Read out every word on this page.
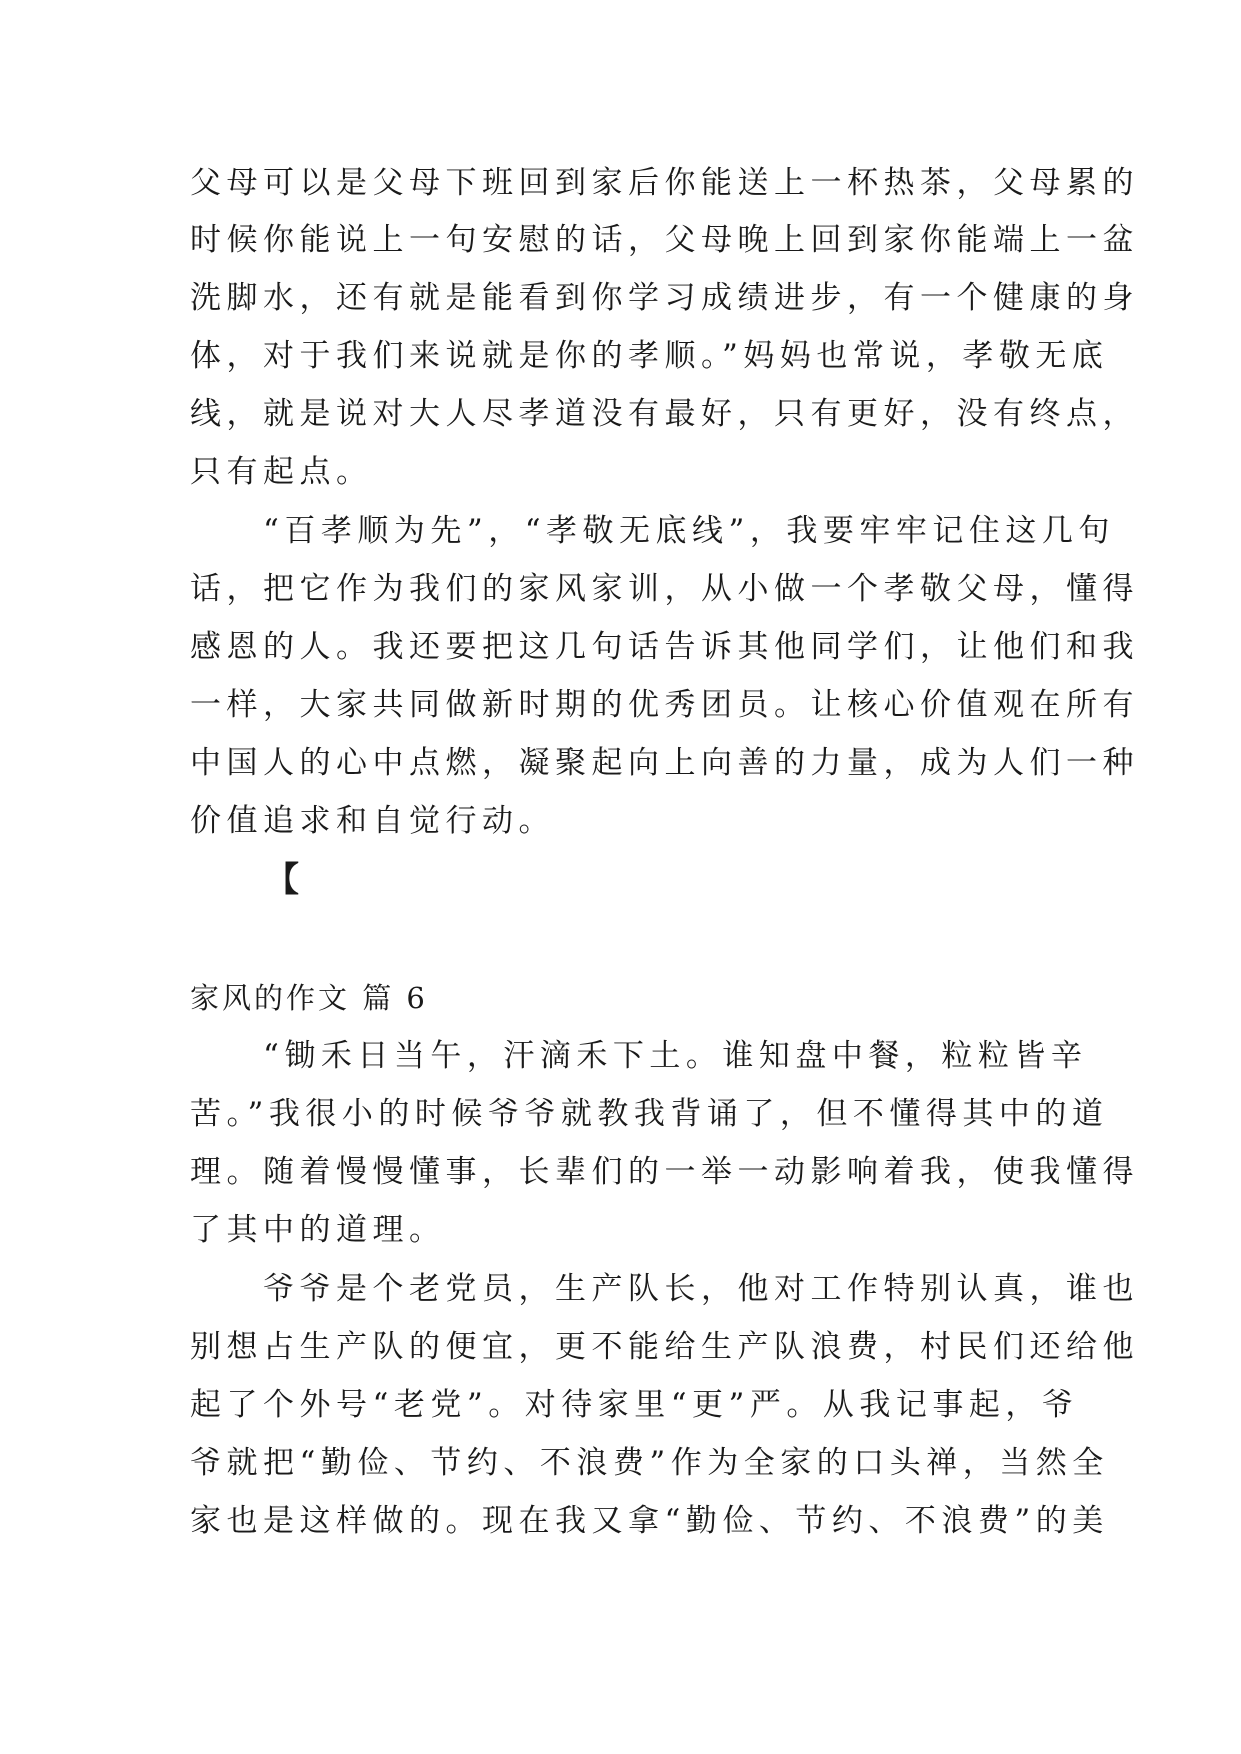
父母可以是父母下班回到家后你能送上一杯热茶，父母累的
时候你能说上一句安慰的话，父母晚上回到家你能端上一盆
洗脚水，还有就是能看到你学习成绩进步，有一个健康的身
体，对于我们来说就是你的孝顺。”妈妈也常说，孝敬无底
线，就是说对大人尽孝道没有最好，只有更好，没有终点，
只有起点。
“百孝顺为先”，“孝敬无底线”，我要牢牢记住这几句
话，把它作为我们的家风家训，从小做一个孝敬父母，懂得
感恩的人。我还要把这几句话告诉其他同学们，让他们和我
一样，大家共同做新时期的优秀团员。让核心价值观在所有
中国人的心中点燃，凝聚起向上向善的力量，成为人们一种
价值追求和自觉行动。
【
家风的作文 篇 6
“锄禾日当午，汗滴禾下土。谁知盘中餐，粒粒皆辛
苦。”我很小的时候爷爷就教我背诵了，但不懂得其中的道
理。随着慢慢懂事，长辈们的一举一动影响着我，使我懂得
了其中的道理。
爷爷是个老党员，生产队长，他对工作特别认真，谁也
别想占生产队的便宜，更不能给生产队浪费，村民们还给他
起了个外号“老党”。对待家里“更”严。从我记事起，爷
爷就把“勤俭、节约、不浪费”作为全家的口头禅，当然全
家也是这样做的。现在我又拿“勤俭、节约、不浪费”的美
